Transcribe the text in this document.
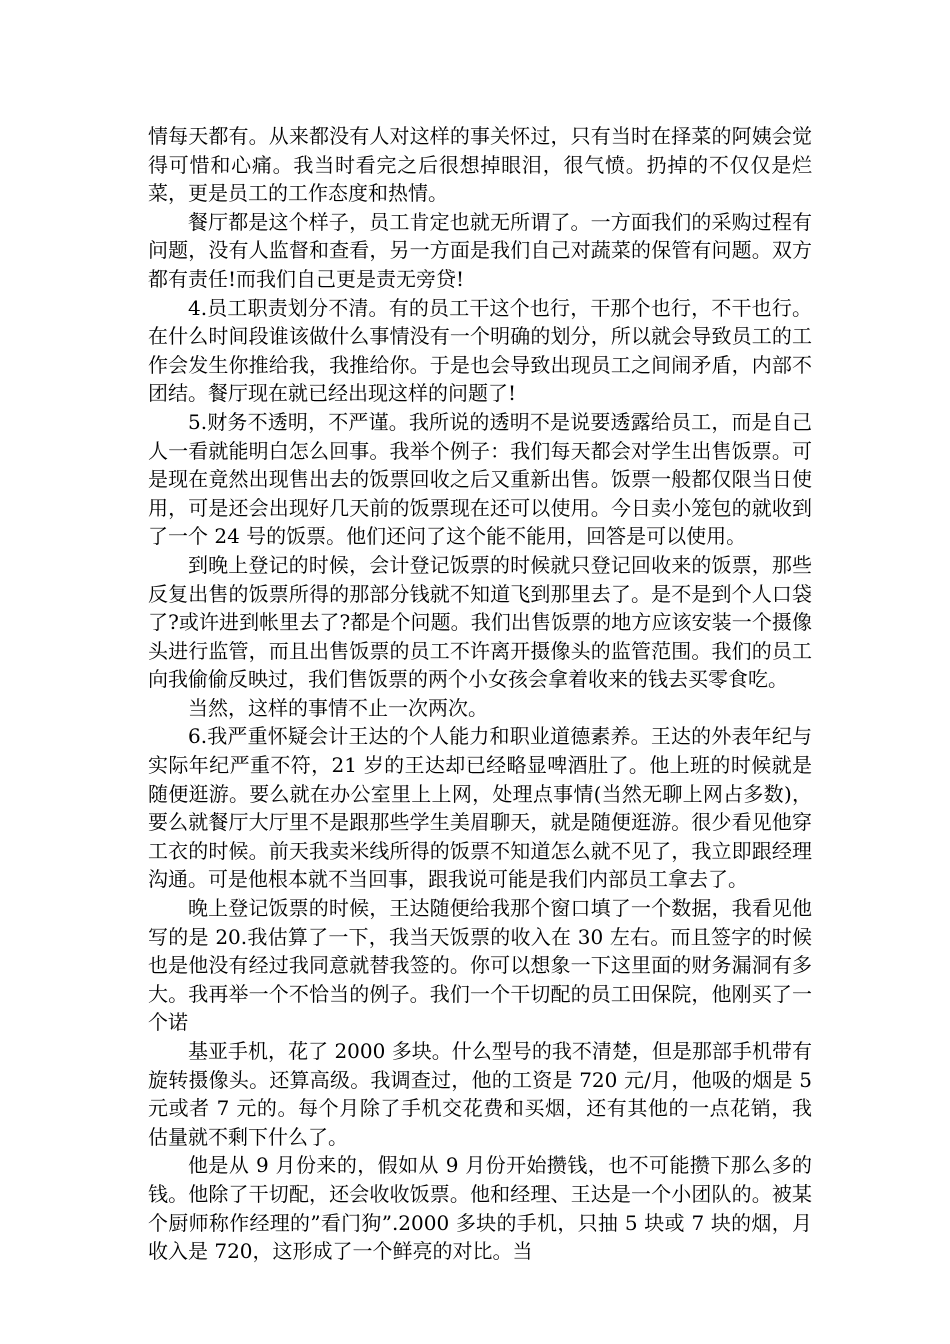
情每天都有。从来都没有人对这样的事关怀过，只有当时在择菜的阿姨会觉得可惜和心痛。我当时看完之后很想掉眼泪，很气愤。扔掉的不仅仅是烂菜，更是员工的工作态度和热情。

餐厅都是这个样子，员工肯定也就无所谓了。一方面我们的采购过程有问题，没有人监督和查看，另一方面是我们自己对蔬菜的保管有问题。双方都有责任!而我们自己更是责无旁贷!

4.员工职责划分不清。有的员工干这个也行，干那个也行，不干也行。在什么时间段谁该做什么事情没有一个明确的划分，所以就会导致员工的工作会发生你推给我，我推给你。于是也会导致出现员工之间闹矛盾，内部不团结。餐厅现在就已经出现这样的问题了!

5.财务不透明，不严谨。我所说的透明不是说要透露给员工，而是自己人一看就能明白怎么回事。我举个例子：我们每天都会对学生出售饭票。可是现在竟然出现售出去的饭票回收之后又重新出售。饭票一般都仅限当日使用，可是还会出现好几天前的饭票现在还可以使用。今日卖小笼包的就收到了一个 24 号的饭票。他们还问了这个能不能用，回答是可以使用。

到晚上登记的时候，会计登记饭票的时候就只登记回收来的饭票，那些反复出售的饭票所得的那部分钱就不知道飞到那里去了。是不是到个人口袋了?或许进到帐里去了?都是个问题。我们出售饭票的地方应该安装一个摄像头进行监管，而且出售饭票的员工不许离开摄像头的监管范围。我们的员工向我偷偷反映过，我们售饭票的两个小女孩会拿着收来的钱去买零食吃。

当然，这样的事情不止一次两次。

6.我严重怀疑会计王达的个人能力和职业道德素养。王达的外表年纪与实际年纪严重不符，21 岁的王达却已经略显啤酒肚了。他上班的时候就是随便逛游。要么就在办公室里上上网，处理点事情(当然无聊上网占多数)，要么就餐厅大厅里不是跟那些学生美眉聊天，就是随便逛游。很少看见他穿工衣的时候。前天我卖米线所得的饭票不知道怎么就不见了，我立即跟经理沟通。可是他根本就不当回事，跟我说可能是我们内部员工拿去了。

晚上登记饭票的时候，王达随便给我那个窗口填了一个数据，我看见他写的是 20.我估算了一下，我当天饭票的收入在 30 左右。而且签字的时候也是他没有经过我同意就替我签的。你可以想象一下这里面的财务漏洞有多大。我再举一个不恰当的例子。我们一个干切配的员工田保院，他刚买了一个诺

基亚手机，花了 2000 多块。什么型号的我不清楚，但是那部手机带有旋转摄像头。还算高级。我调查过，他的工资是 720 元/月，他吸的烟是 5 元或者 7 元的。每个月除了手机交花费和买烟，还有其他的一点花销，我估量就不剩下什么了。

他是从 9 月份来的，假如从 9 月份开始攒钱，也不可能攒下那么多的钱。他除了干切配，还会收收饭票。他和经理、王达是一个小团队的。被某个厨师称作经理的”看门狗”.2000 多块的手机，只抽 5 块或 7 块的烟，月收入是 720，这形成了一个鲜亮的对比。当
